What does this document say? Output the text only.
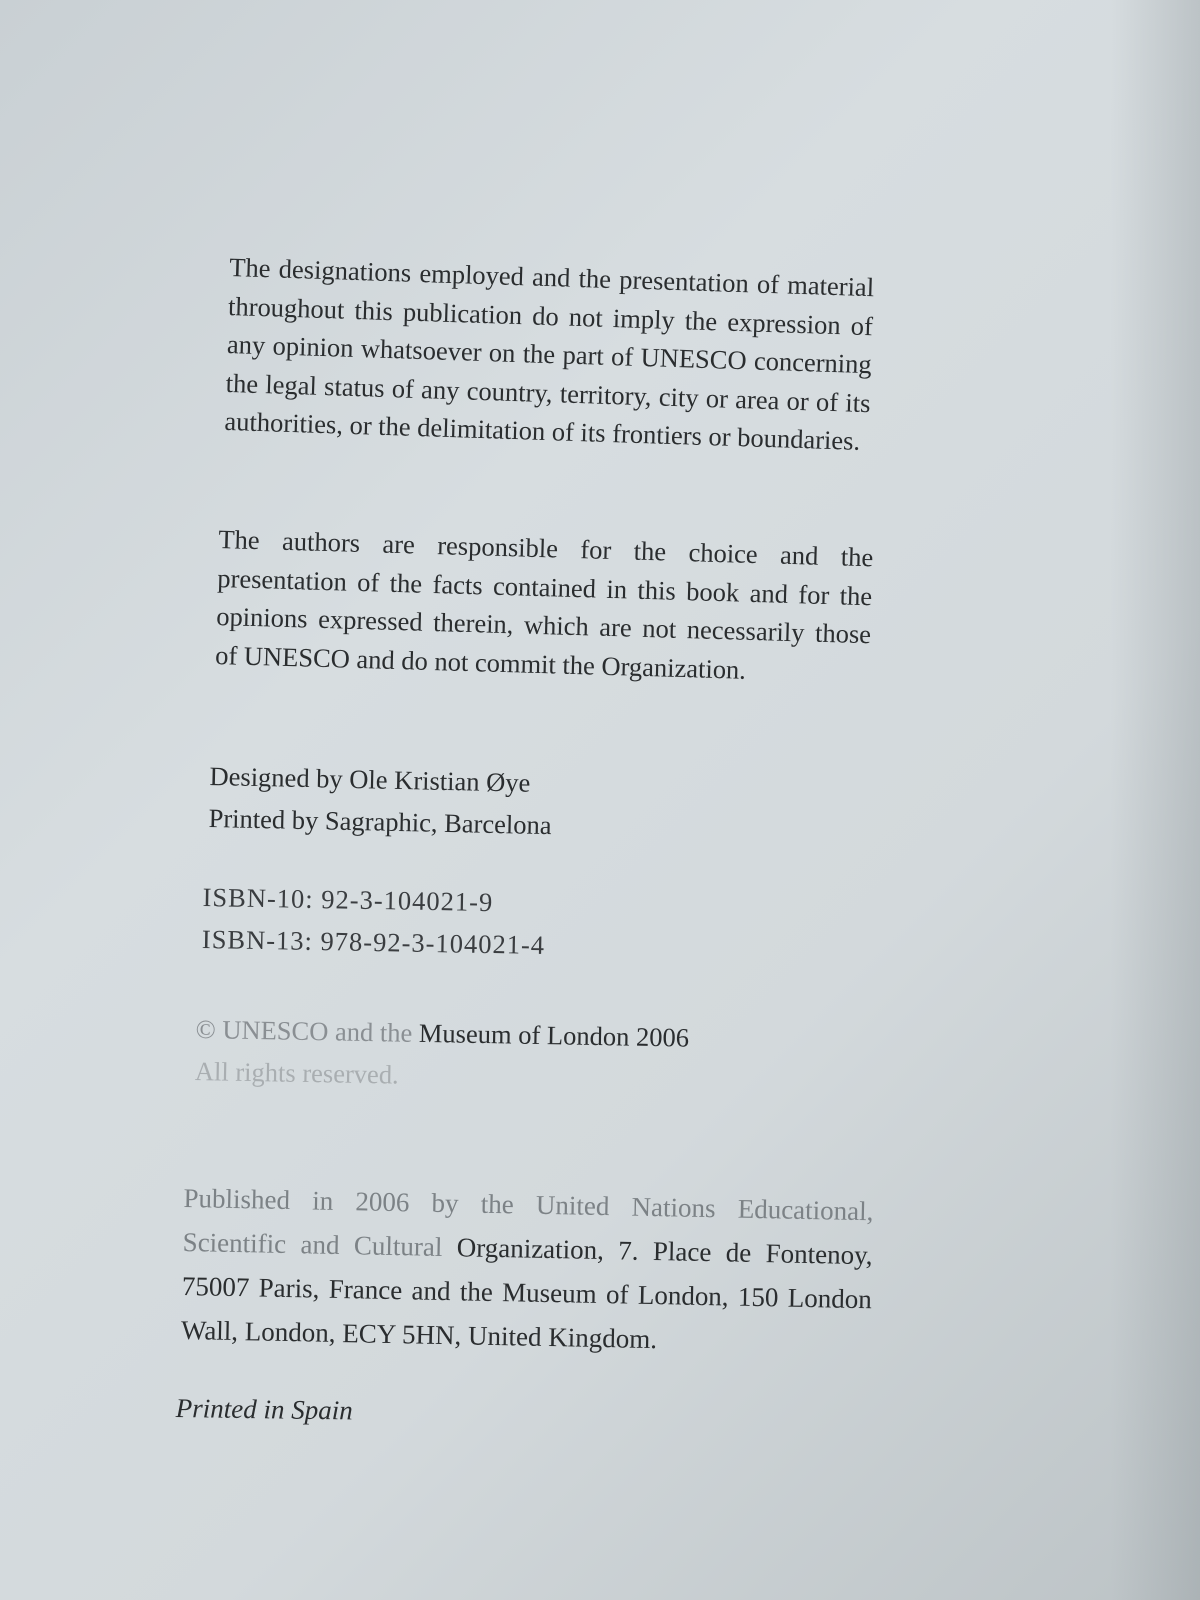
The designations employed and the presentation of material throughout this publication do not imply the expression of any opinion whatsoever on the part of UNESCO concerning the legal status of any country, territory, city or area or of its authorities, or the delimitation of its frontiers or boundaries.

The authors are responsible for the choice and the presentation of the facts contained in this book and for the opinions expressed therein, which are not necessarily those of UNESCO and do not commit the Organization.

Designed by Ole Kristian Øye

Printed by Sagraphic, Barcelona

ISBN-10: 92-3-104021-9

ISBN-13: 978-92-3-104021-4

© UNESCO and the Museum of London 2006

All rights reserved.

Published in 2006 by the United Nations Educational, Scientific and Cultural Organization, 7. Place de Fontenoy, 75007 Paris, France and the Museum of London, 150 London Wall, London, ECY 5HN, United Kingdom.

Printed in Spain
